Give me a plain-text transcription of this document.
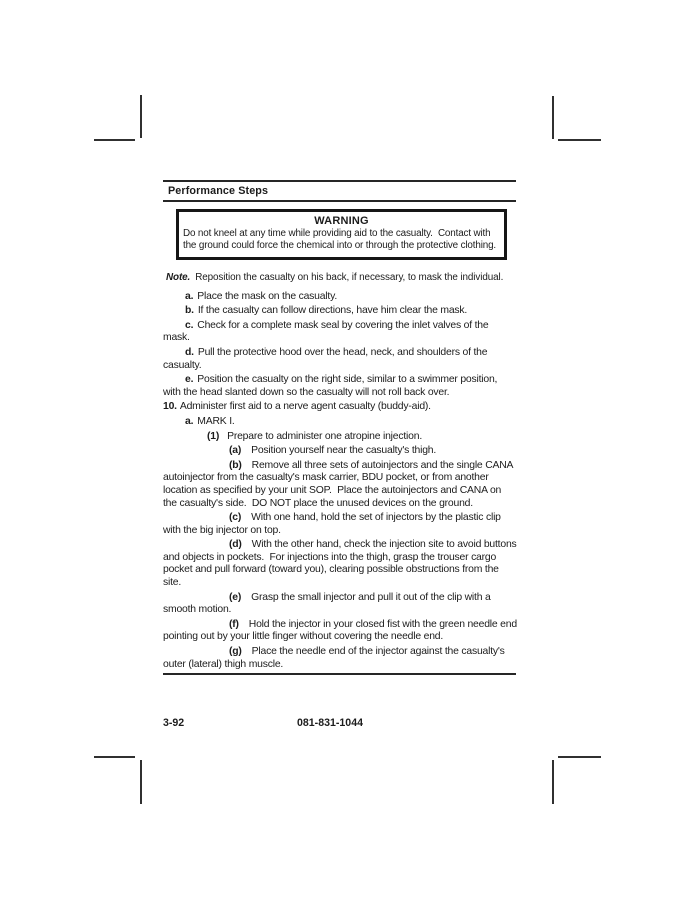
Performance Steps
WARNING
Do not kneel at any time while providing aid to the casualty.  Contact with the ground could force the chemical into or through the protective clothing.

Note. Reposition the casualty on his back, if necessary, to mask the individual.

a. Place the mask on the casualty.

b. If the casualty can follow directions, have him clear the mask.

c. Check for a complete mask seal by covering the inlet valves of the mask.

d. Pull the protective hood over the head, neck, and shoulders of the casualty.

e. Position the casualty on the right side, similar to a swimmer position, with the head slanted down so the casualty will not roll back over.

10. Administer first aid to a nerve agent casualty (buddy-aid).

a. MARK I.

(1) Prepare to administer one atropine injection.

(a) Position yourself near the casualty's thigh.

(b) Remove all three sets of autoinjectors and the single CANA autoinjector from the casualty's mask carrier, BDU pocket, or from another location as specified by your unit SOP.  Place the autoinjectors and CANA on the casualty's side.  DO NOT place the unused devices on the ground.

(c) With one hand, hold the set of injectors by the plastic clip with the big injector on top.

(d) With the other hand, check the injection site to avoid buttons and objects in pockets.  For injections into the thigh, grasp the trouser cargo pocket and pull forward (toward you), clearing possible obstructions from the site.

(e) Grasp the small injector and pull it out of the clip with a smooth motion.

(f) Hold the injector in your closed fist with the green needle end pointing out by your little finger without covering the needle end.

(g) Place the needle end of the injector against the casualty's outer (lateral) thigh muscle.

3-92	081-831-1044
